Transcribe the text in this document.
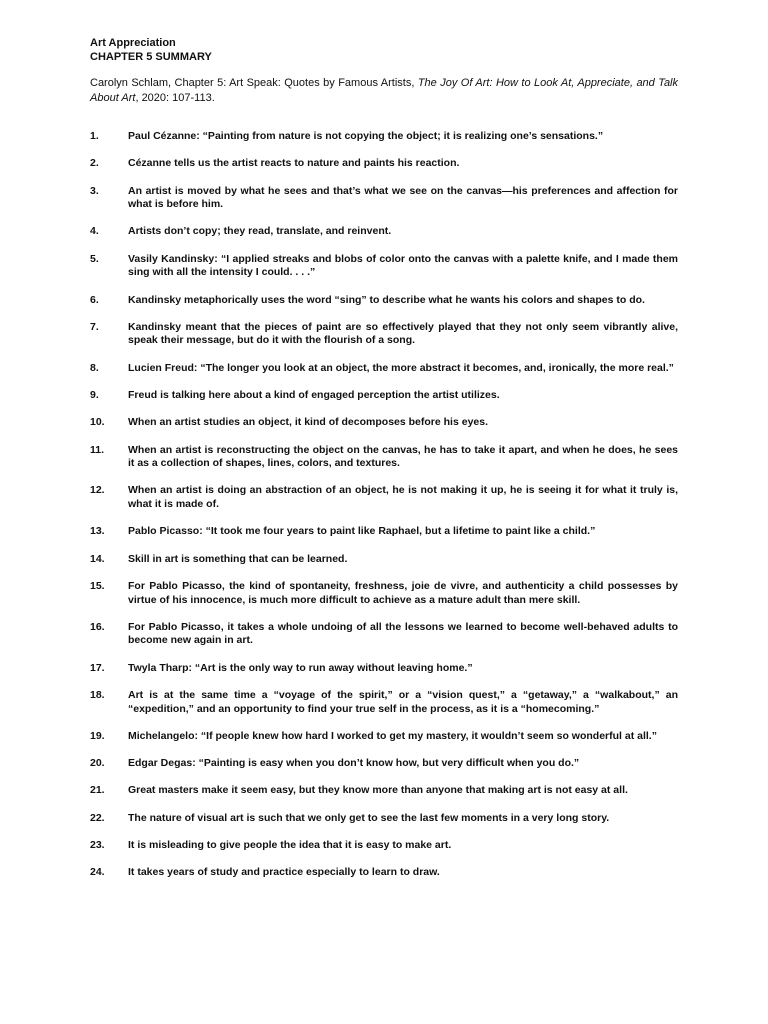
Art Appreciation
CHAPTER 5 SUMMARY
Carolyn Schlam, Chapter 5: Art Speak: Quotes by Famous Artists, The Joy Of Art: How to Look At, Appreciate, and Talk About Art, 2020: 107-113.
1.	Paul Cézanne: “Painting from nature is not copying the object; it is realizing one’s sensations.”
2.	Cézanne tells us the artist reacts to nature and paints his reaction.
3.	An artist is moved by what he sees and that’s what we see on the canvas—his preferences and affection for what is before him.
4.	Artists don’t copy; they read, translate, and reinvent.
5.	Vasily Kandinsky: “I applied streaks and blobs of color onto the canvas with a palette knife, and I made them sing with all the intensity I could. . . .”
6.	Kandinsky metaphorically uses the word “sing” to describe what he wants his colors and shapes to do.
7.	Kandinsky meant that the pieces of paint are so effectively played that they not only seem vibrantly alive, speak their message, but do it with the flourish of a song.
8.	Lucien Freud: “The longer you look at an object, the more abstract it becomes, and, ironically, the more real.”
9.	Freud is talking here about a kind of engaged perception the artist utilizes.
10.	When an artist studies an object, it kind of decomposes before his eyes.
11.	When an artist is reconstructing the object on the canvas, he has to take it apart, and when he does, he sees it as a collection of shapes, lines, colors, and textures.
12.	When an artist is doing an abstraction of an object, he is not making it up, he is seeing it for what it truly is, what it is made of.
13.	Pablo Picasso: “It took me four years to paint like Raphael, but a lifetime to paint like a child.”
14.	Skill in art is something that can be learned.
15.	For Pablo Picasso, the kind of spontaneity, freshness, joie de vivre, and authenticity a child possesses by virtue of his innocence, is much more difficult to achieve as a mature adult than mere skill.
16.	For Pablo Picasso, it takes a whole undoing of all the lessons we learned to become well-behaved adults to become new again in art.
17.	Twyla Tharp: “Art is the only way to run away without leaving home.”
18.	Art is at the same time a “voyage of the spirit,” or a “vision quest,” a “getaway,” a “walkabout,” an “expedition,” and an opportunity to find your true self in the process, as it is a “homecoming.”
19.	Michelangelo: “If people knew how hard I worked to get my mastery, it wouldn’t seem so wonderful at all.”
20.	Edgar Degas: “Painting is easy when you don’t know how, but very difficult when you do.”
21.	Great masters make it seem easy, but they know more than anyone that making art is not easy at all.
22.	The nature of visual art is such that we only get to see the last few moments in a very long story.
23.	It is misleading to give people the idea that it is easy to make art.
24.	It takes years of study and practice especially to learn to draw.
